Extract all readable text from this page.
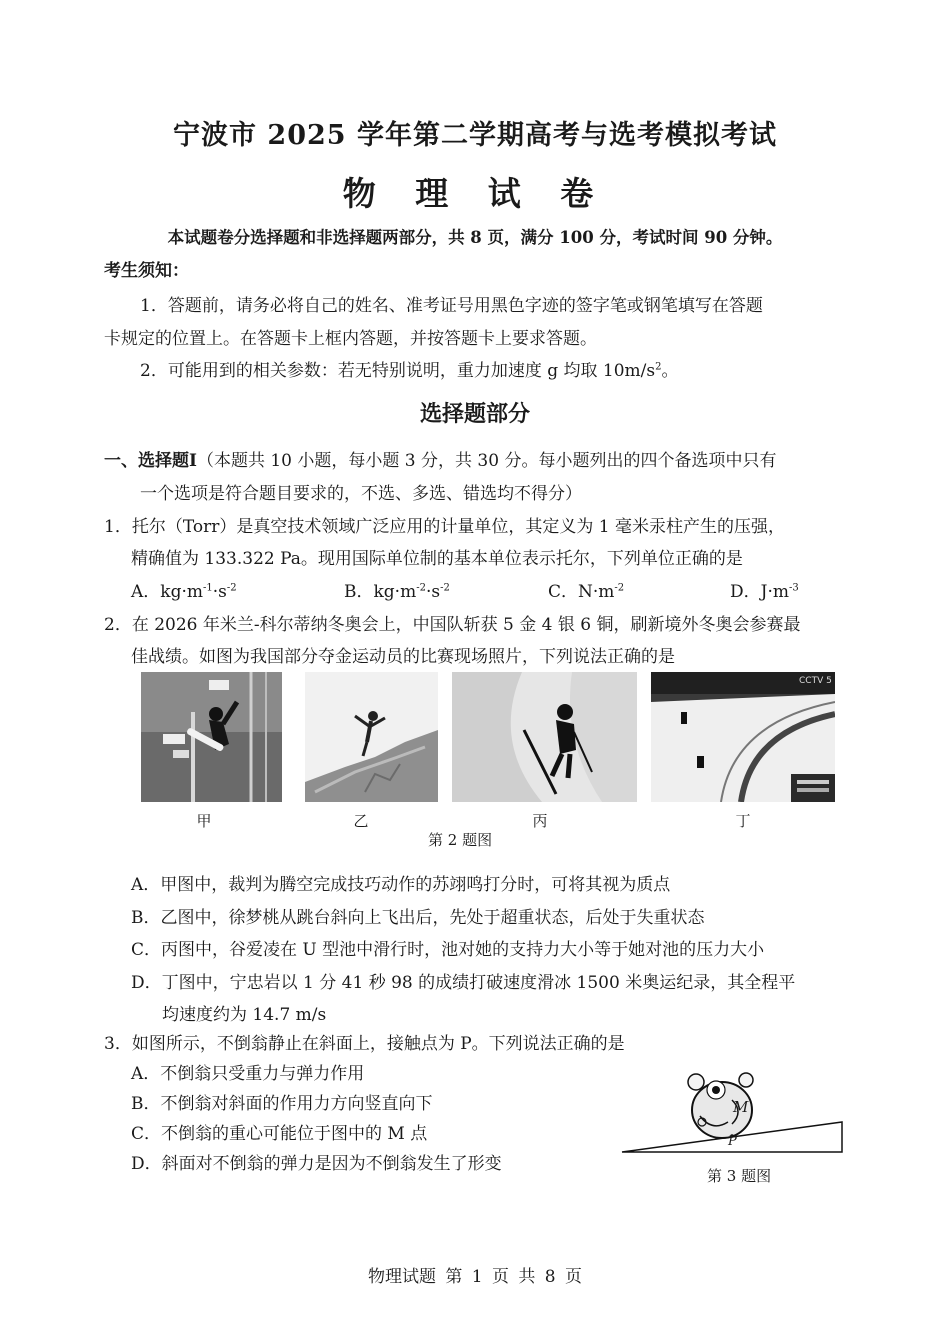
宁波市 2025 学年第二学期高考与选考模拟考试
物 理 试 卷
本试题卷分选择题和非选择题两部分，共 8 页，满分 100 分，考试时间 90 分钟。
考生须知：
1．答题前，请务必将自己的姓名、准考证号用黑色字迹的签字笔或钢笔填写在答题
卡规定的位置上。在答题卡上框内答题，并按答题卡上要求答题。
2．可能用到的相关参数：若无特别说明，重力加速度 g 均取 $10m/s^2$。
选择题部分
一、选择题Ⅰ（本题共 10 小题，每小题 3 分，共 30 分。每小题列出的四个备选项中只有
一个选项是符合题目要求的，不选、多选、错选均不得分）
1．托尔（Torr）是真空技术领域广泛应用的计量单位，其定义为 1 毫米汞柱产生的压强，
精确值为 133.322 Pa。现用国际单位制的基本单位表示托尔，下列单位正确的是
A．$kg\cdot m^{-1}\cdot s^{-2}$	B．$kg\cdot m^{-2}\cdot s^{-2}$	C．$N\cdot m^{-2}$	D．$J\cdot m^{-3}$
2．在 2026 年米兰-科尔蒂纳冬奥会上，中国队斩获 5 金 4 银 6 铜，刷新境外冬奥会参赛最
佳战绩。如图为我国部分夺金运动员的比赛现场照片，下列说法正确的是
CCTV 5
甲	乙	丙	丁
第 2 题图
A．甲图中，裁判为腾空完成技巧动作的苏翊鸣打分时，可将其视为质点
B．乙图中，徐梦桃从跳台斜向上飞出后，先处于超重状态，后处于失重状态
C．丙图中，谷爱凌在 U 型池中滑行时，池对她的支持力大小等于她对池的压力大小
D．丁图中，宁忠岩以 1 分 41 秒 98 的成绩打破速度滑冰 1500 米奥运纪录，其全程平
均速度约为 14.7 m/s
3．如图所示，不倒翁静止在斜面上，接触点为 P。下列说法正确的是
A．不倒翁只受重力与弹力作用
B．不倒翁对斜面的作用力方向竖直向下
C．不倒翁的重心可能位于图中的 M 点
D．斜面对不倒翁的弹力是因为不倒翁发生了形变
M
P
第 3 题图
物理试题 第 1 页 共 8 页
